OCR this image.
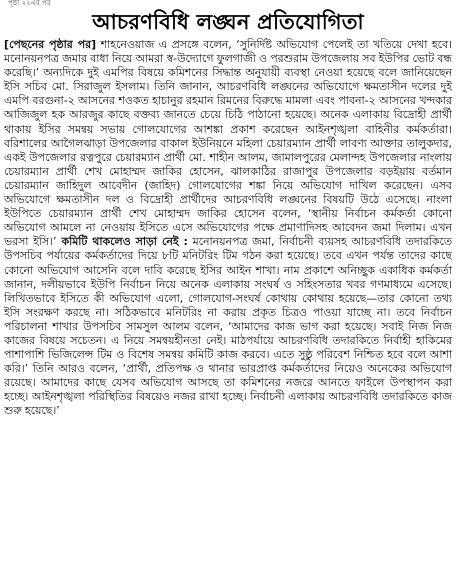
পৃষ্ঠা ২২এর পর
আচরণবিধি লঙ্ঘন প্রতিযোগিতা

[পেছনের পৃষ্ঠার পর] শাহনেওয়াজ এ প্রসঙ্গে বলেন, ‘সুনির্দিষ্ট অভিযোগ পেলেই তা খতিয়ে দেখা হবে। মনোনয়নপত্র জমার বাধা নিয়ে আমরা স্ব-উদ্যোগে ফুলগাজী ও পরশুরাম উপজেলায় সব ইউপির ভোট বন্ধ করেছি।’ অন্যদিকে দুই এমপির বিষয়ে কমিশনের সিদ্ধান্ত অনুযায়ী ব্যবস্থা নেওয়া হয়েছে বলে জানিয়েছেন ইসি সচিব মো. সিরাজুল ইসলাম। তিনি জানান, আচরণবিধি লঙ্ঘনের অভিযোগে ক্ষমতাসীন দলের দুই এমপি বরগুনা-২ আসনের শওকত হাচানুর রহমান রিমনের বিরুদ্ধে মামলা এবং পাবনা-২ আসনের খন্দকার আজিজুল হক আরজুর কাছে বক্তব্য জানতে চেয়ে চিঠি পাঠানো হয়েছে। অনেক এলাকায় বিদ্রোহী প্রার্থী থাকায় ইসির সমন্বয় সভায় গোলযোগের আশঙ্কা প্রকাশ করেছেন আইনশৃঙ্খলা বাহিনীর কর্মকর্তারা। বরিশালের আগৈলঝাড়া উপজেলার বাকাল ইউনিয়নে মহিলা চেয়ারম্যান প্রার্থী লাবণ্য আক্তার তালুকদার, একই উপজেলার রত্নপুরে চেয়ারম্যান প্রার্থী মো. শাহীন আলম, জামালপুরের মেলান্দহ উপজেলার নাংলায় চেয়ারম্যান প্রার্থী শেখ মোহাম্মদ জাকির হোসেন, ঝালকাঠির রাজাপুর উপজেলার বড়ইয়ায় বর্তমান চেয়ারম্যান জাহিদুল আবেদীন (জাহিদ) গোলযোগের শঙ্কা নিয়ে অভিযোগ দাখিল করেছেন। এসব অভিযোগে ক্ষমতাসীন দল ও বিদ্রোহী প্রার্থীদের আচরণবিধি লঙ্ঘনের বিষয়টি উঠে এসেছে। নাংলা ইউপিতে চেয়ারম্যান প্রার্থী শেখ মোহাম্মদ জাকির হোসেন বলেন, ‘স্থানীয় নির্বাচন কর্মকর্তা কোনো অভিযোগ আমলে না নেওয়ায় ইসিতে এসে অভিযোগের পক্ষে প্রমাণাদিসহ আবেদন জমা দিলাম। এখন ভরসা ইসি।’ কমিটি থাকলেও সাড়া নেই : মনোনয়নপত্র জমা, নির্বাচনী ব্যয়সহ আচরণবিধি তদারকিতে উপসচিব পর্যায়ের কর্মকর্তাদের দিয়ে ৮টি মনিটরিং টিম গঠন করা হয়েছে। তবে এখন পর্যন্ত তাদের কাছে কোনো অভিযোগ আসেনি বলে দাবি করেছে ইসির আইন শাখা। নাম প্রকাশে অনিচ্ছুক একাধিক কর্মকর্তা জানান, দলীয়ভাবে ইউপি নির্বাচন নিয়ে অনেক এলাকায় সংঘর্ষ ও সহিংসতার খবর গণমাধ্যমে এসেছে। লিখিতভাবে ইসিতে কী অভিযোগ এলো, গোলযোগ-সংঘর্ষ কোথায় কোথায় হয়েছে—তার কোনো তথ্য ইসি সংরক্ষণ করছে না। সঠিকভাবে মনিটরিং না করায় প্রকৃত চিত্রও পাওয়া যাচ্ছে না। তবে নির্বাচন পরিচালনা শাখার উপসচিব সামসুল আলম বলেন, ‘আমাদের কাজ ভাগ করা হয়েছে। সবাই নিজ নিজ কাজের বিষয়ে সচেতন। এ নিয়ে সমন্বয়হীনতা নেই। মাঠপর্যায়ে আচরণবিধি তদারকিতে নির্বাহী হাকিমের পাশাপাশি ভিজিলেন্স টিম ও বিশেষ সমন্বয় কমিটি কাজ করবে। এতে সুষ্ঠু পরিবেশ নিশ্চিত হবে বলে আশা করি।’ তিনি আরও বলেন, ‘প্রার্থী, প্রতিপক্ষ ও থানার ভারপ্রাপ্ত কর্মকর্তাদের নিয়েও অনেকের অভিযোগ রয়েছে। আমাদের কাছে যেসব অভিযোগ আসছে তা কমিশনের নজরে আনতে ফাইলে উপস্থাপন করা হচ্ছে। আইনশৃঙ্খলা পরিস্থিতির বিষয়েও নজর রাখা হচ্ছে। নির্বাচনী এলাকায় আচরণবিধি তদারকিতে কাজ শুরু হয়েছে।’
